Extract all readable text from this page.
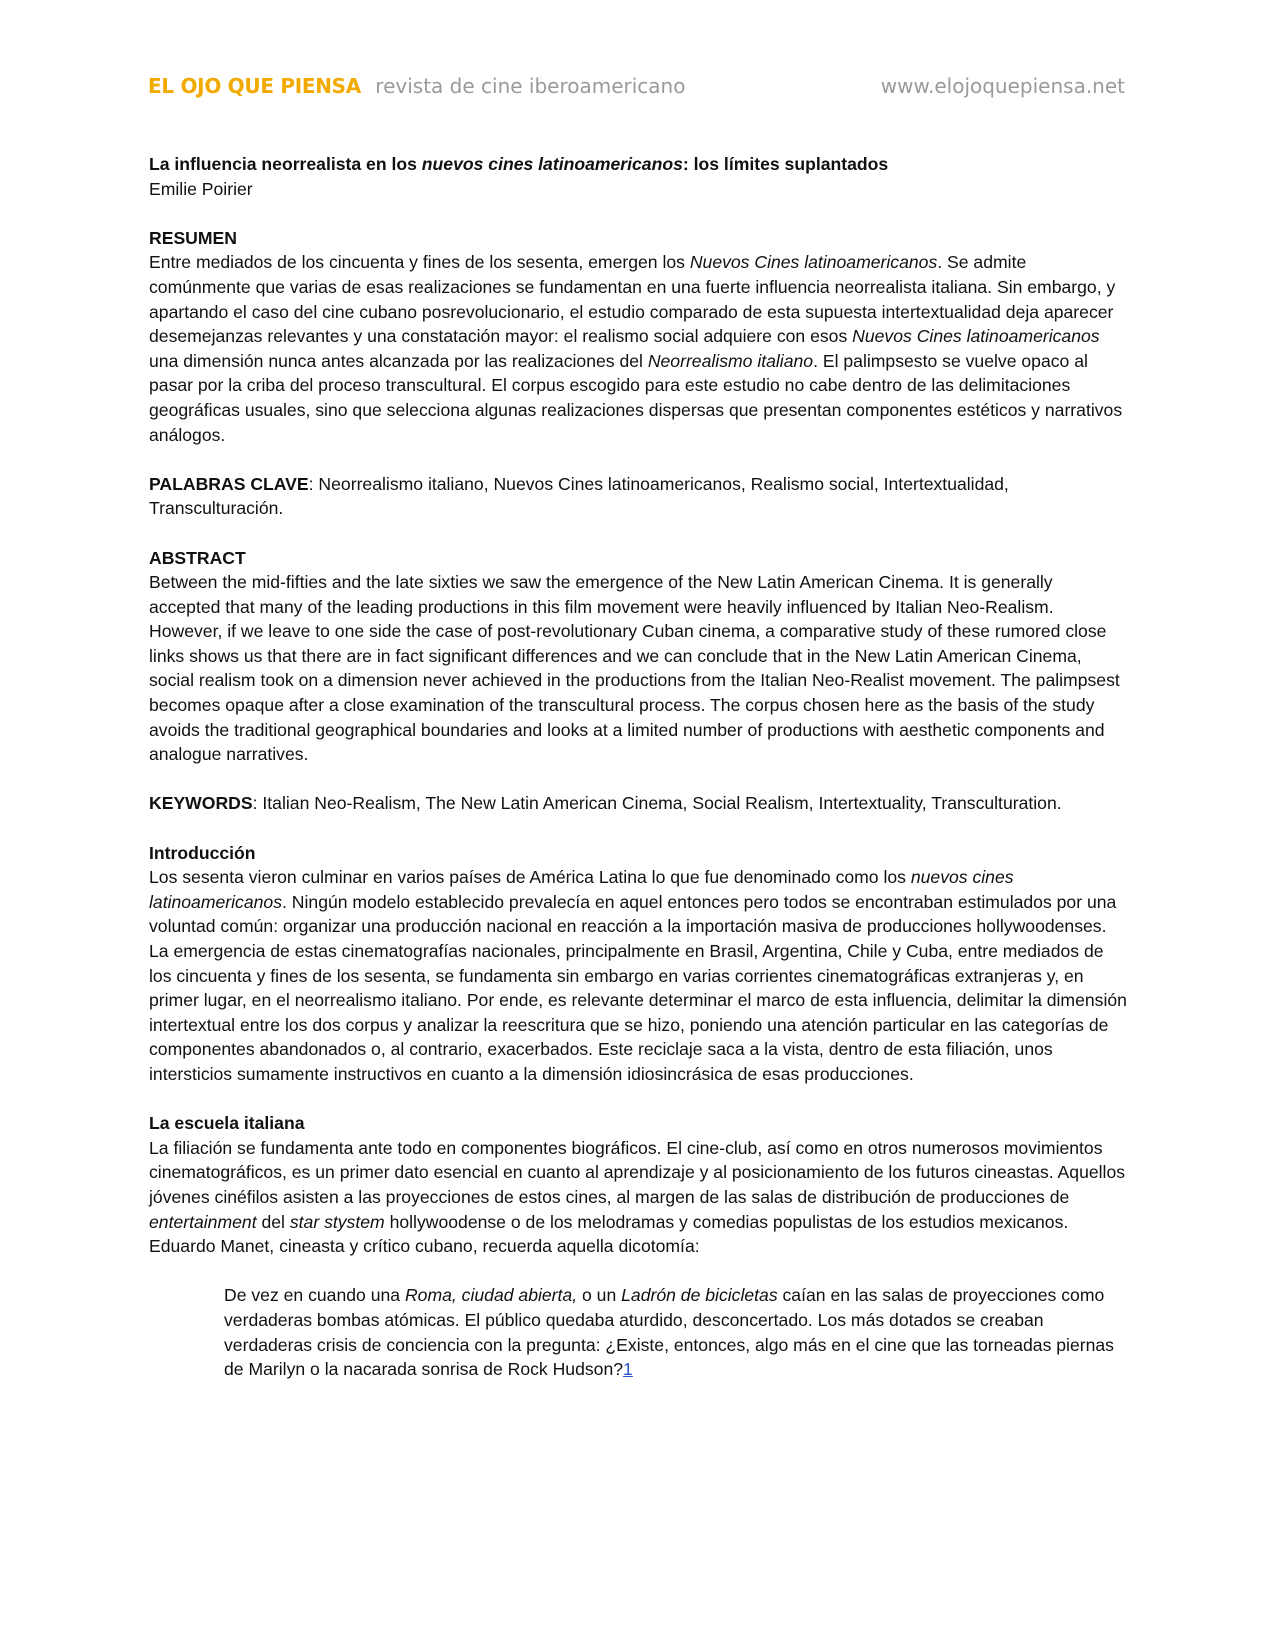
EL OJO QUE PIENSA revista de cine iberoamericano	www.elojoquepiensa.net

La influencia neorrealista en los nuevos cines latinoamericanos: los límites suplantados

Emilie Poirier

RESUMEN

Entre mediados de los cincuenta y fines de los sesenta, emergen los Nuevos Cines latinoamericanos. Se admite comúnmente que varias de esas realizaciones se fundamentan en una fuerte influencia neorrealista italiana. Sin embargo, y apartando el caso del cine cubano posrevolucionario, el estudio comparado de esta supuesta intertextualidad deja aparecer desemejanzas relevantes y una constatación mayor: el realismo social adquiere con esos Nuevos Cines latinoamericanos una dimensión nunca antes alcanzada por las realizaciones del Neorrealismo italiano. El palimpsesto se vuelve opaco al pasar por la criba del proceso transcultural. El corpus escogido para este estudio no cabe dentro de las delimitaciones geográficas usuales, sino que selecciona algunas realizaciones dispersas que presentan componentes estéticos y narrativos análogos.

PALABRAS CLAVE: Neorrealismo italiano, Nuevos Cines latinoamericanos, Realismo social, Intertextualidad, Transculturación.

ABSTRACT

Between the mid-fifties and the late sixties we saw the emergence of the New Latin American Cinema. It is generally accepted that many of the leading productions in this film movement were heavily influenced by Italian Neo-Realism. However, if we leave to one side the case of post-revolutionary Cuban cinema, a comparative study of these rumored close links shows us that there are in fact significant differences and we can conclude that in the New Latin American Cinema, social realism took on a dimension never achieved in the productions from the Italian Neo-Realist movement. The palimpsest becomes opaque after a close examination of the transcultural process. The corpus chosen here as the basis of the study avoids the traditional geographical boundaries and looks at a limited number of productions with aesthetic components and analogue narratives.

KEYWORDS: Italian Neo-Realism, The New Latin American Cinema, Social Realism, Intertextuality, Transculturation.

Introducción

Los sesenta vieron culminar en varios países de América Latina lo que fue denominado como los nuevos cines latinoamericanos. Ningún modelo establecido prevalecía en aquel entonces pero todos se encontraban estimulados por una voluntad común: organizar una producción nacional en reacción a la importación masiva de producciones hollywoodenses. La emergencia de estas cinematografías nacionales, principalmente en Brasil, Argentina, Chile y Cuba, entre mediados de los cincuenta y fines de los sesenta, se fundamenta sin embargo en varias corrientes cinematográficas extranjeras y, en primer lugar, en el neorrealismo italiano. Por ende, es relevante determinar el marco de esta influencia, delimitar la dimensión intertextual entre los dos corpus y analizar la reescritura que se hizo, poniendo una atención particular en las categorías de componentes abandonados o, al contrario, exacerbados. Este reciclaje saca a la vista, dentro de esta filiación, unos intersticios sumamente instructivos en cuanto a la dimensión idiosincrásica de esas producciones.

La escuela italiana

La filiación se fundamenta ante todo en componentes biográficos. El cine-club, así como en otros numerosos movimientos cinematográficos, es un primer dato esencial en cuanto al aprendizaje y al posicionamiento de los futuros cineastas. Aquellos jóvenes cinéfilos asisten a las proyecciones de estos cines, al margen de las salas de distribución de producciones de entertainment del star stystem hollywoodense o de los melodramas y comedias populistas de los estudios mexicanos. Eduardo Manet, cineasta y crítico cubano, recuerda aquella dicotomía:

De vez en cuando una Roma, ciudad abierta, o un Ladrón de bicicletas caían en las salas de proyecciones como verdaderas bombas atómicas. El público quedaba aturdido, desconcertado. Los más dotados se creaban verdaderas crisis de conciencia con la pregunta: ¿Existe, entonces, algo más en el cine que las torneadas piernas de Marilyn o la nacarada sonrisa de Rock Hudson?1
